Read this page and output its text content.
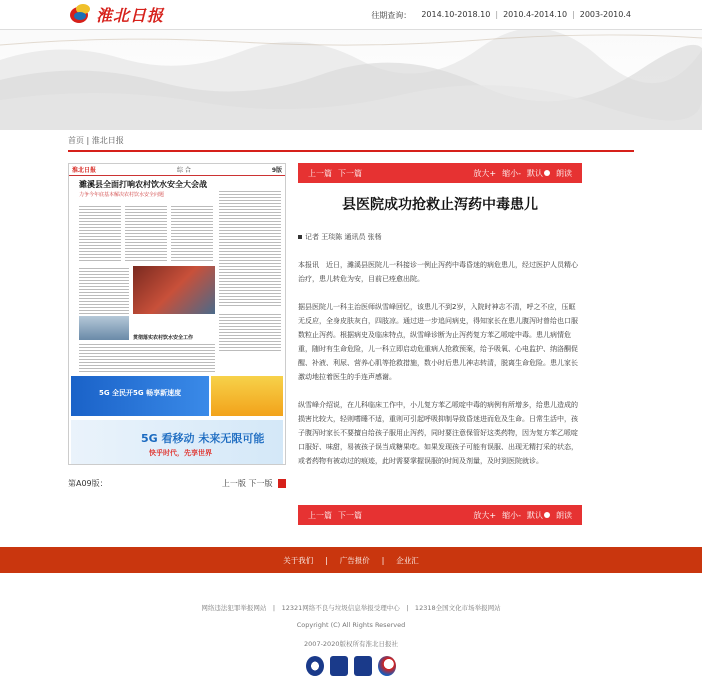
淮北日报	往期查询：	2014.10-2018.10 | 2010.4-2014.10 | 2003-2010.4
首页 | 淮北日报
淮北日报	综 合	9版
濉溪县全面打响农村饮水安全大会战
力争今年底基本解决农村饮水安全问题
贯彻落实农村饮水安全工作
5G 全民开5G 畅享新速度
5G 看移动 未来无限可能
快乎时代，先享世界
第A09版：	上一版 下一版
上一篇 下一篇	放大+ 缩小- 默认	朗读
县医院成功抢救止泻药中毒患儿
记者 王琰陈 通讯员 张杨

本报讯　近日，濉溪县医院儿一科接诊一例止泻药中毒昏迷的病危患儿，经过医护人员精心治疗，患儿转危为安，目前已痊愈出院。

据县医院儿一科主治医师纵雪峰回忆，该患儿不到2岁，入院时神志不清，呼之不应，压眶无反应，全身皮肤灰白，四肢凉。通过进一步追问病史，得知家长在患儿腹泻时曾给也口服数粒止泻药。根据病史及临床特点，纵雪峰诊断为止泻药复方苯乙哌啶中毒。患儿病情危重，随时有生命危险，儿一科立即启动危重病人抢救预案，给予吸氧、心电监护、纳洛酮促醒、补液、利尿、营养心肌等抢救措施，数小时后患儿神志转清，脱离生命危险。患儿家长激动地拉着医生的手连声感谢。

纵雪峰介绍说，在儿科临床工作中，小儿复方苯乙哌啶中毒的病例有所增多，给患儿造成的损害比较大，轻则嗜睡不适，重则可引起呼吸抑制导致昏迷进而危及生命。日常生活中，孩子腹泻时家长不要擅自给孩子服用止泻药，同时要注意保管好这类药物，因为复方苯乙哌啶口服好、味甜，易被孩子误当成糖果吃。如果发现孩子可能有误服、出现无精打采的状态，或者药物有被动过的痕迹，此时需要掌握误服的时间及剂量，及时到医院就诊。

上一篇 下一篇	放大+ 缩小- 默认	朗读
关于我们	|	广告报价	|	企业汇
网络违法犯罪举报网站　|　12321网络不良与垃圾信息举报受理中心　|　12318全国文化市场举报网站
Copyright (C) All Rights Reserved
2007-2020版权所有淮北日报社
